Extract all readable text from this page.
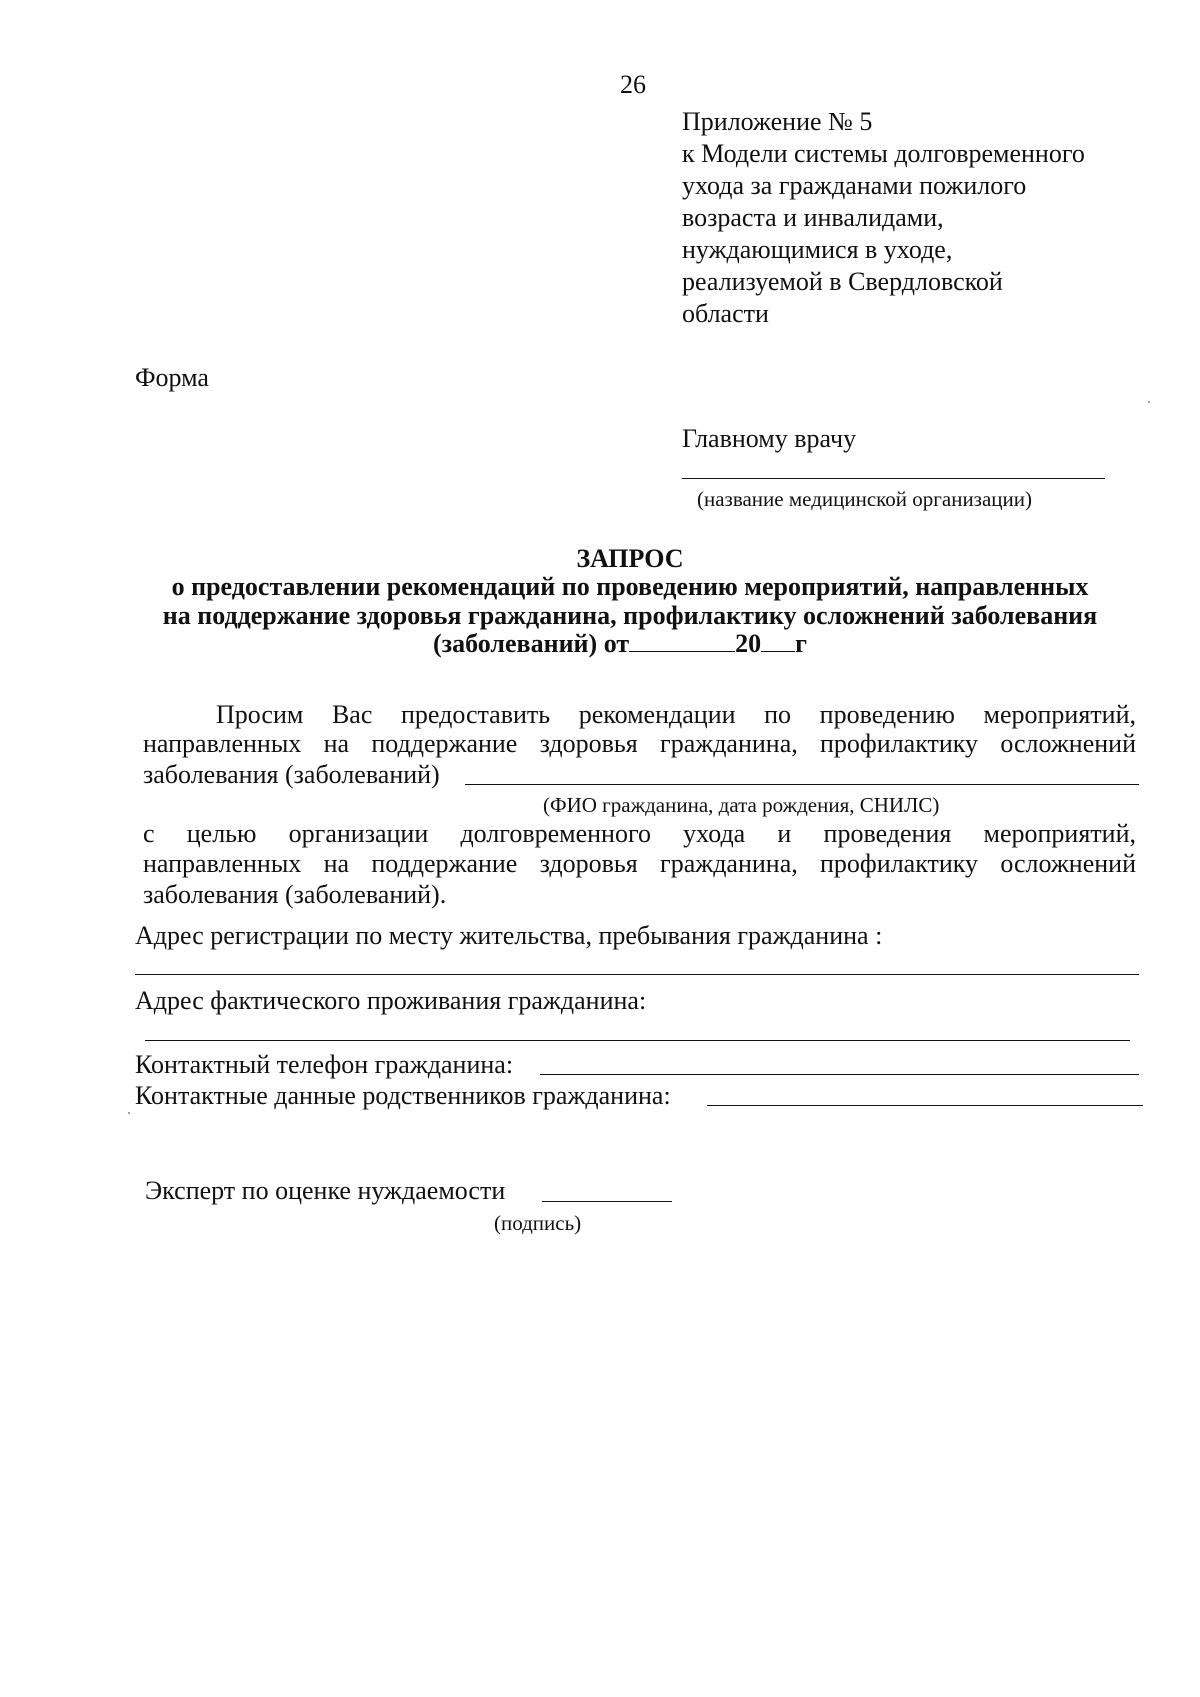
26
Приложение № 5
к Модели системы долговременного
ухода за гражданами пожилого
возраста и инвалидами,
нуждающимися в уходе,
реализуемой в Свердловской
области
Форма
Главному врачу
(название медицинской организации)
ЗАПРОС
о предоставлении рекомендаций по проведению мероприятий, направленных
на поддержание здоровья гражданина, профилактику осложнений заболевания
(заболеваний) от	20 г
Просим Вас предоставить рекомендации по проведению мероприятий,
направленных на поддержание здоровья гражданина, профилактику осложнений
заболевания (заболеваний)
(ФИО гражданина, дата рождения, СНИЛС)
с целью организации долговременного ухода и проведения мероприятий,
направленных на поддержание здоровья гражданина, профилактику осложнений
заболевания (заболеваний).
Адрес регистрации по месту жительства, пребывания гражданина :
Адрес фактического проживания гражданина:
Контактный телефон гражданина:
Контактные данные родственников гражданина:
Эксперт по оценке нуждаемости
(подпись)
